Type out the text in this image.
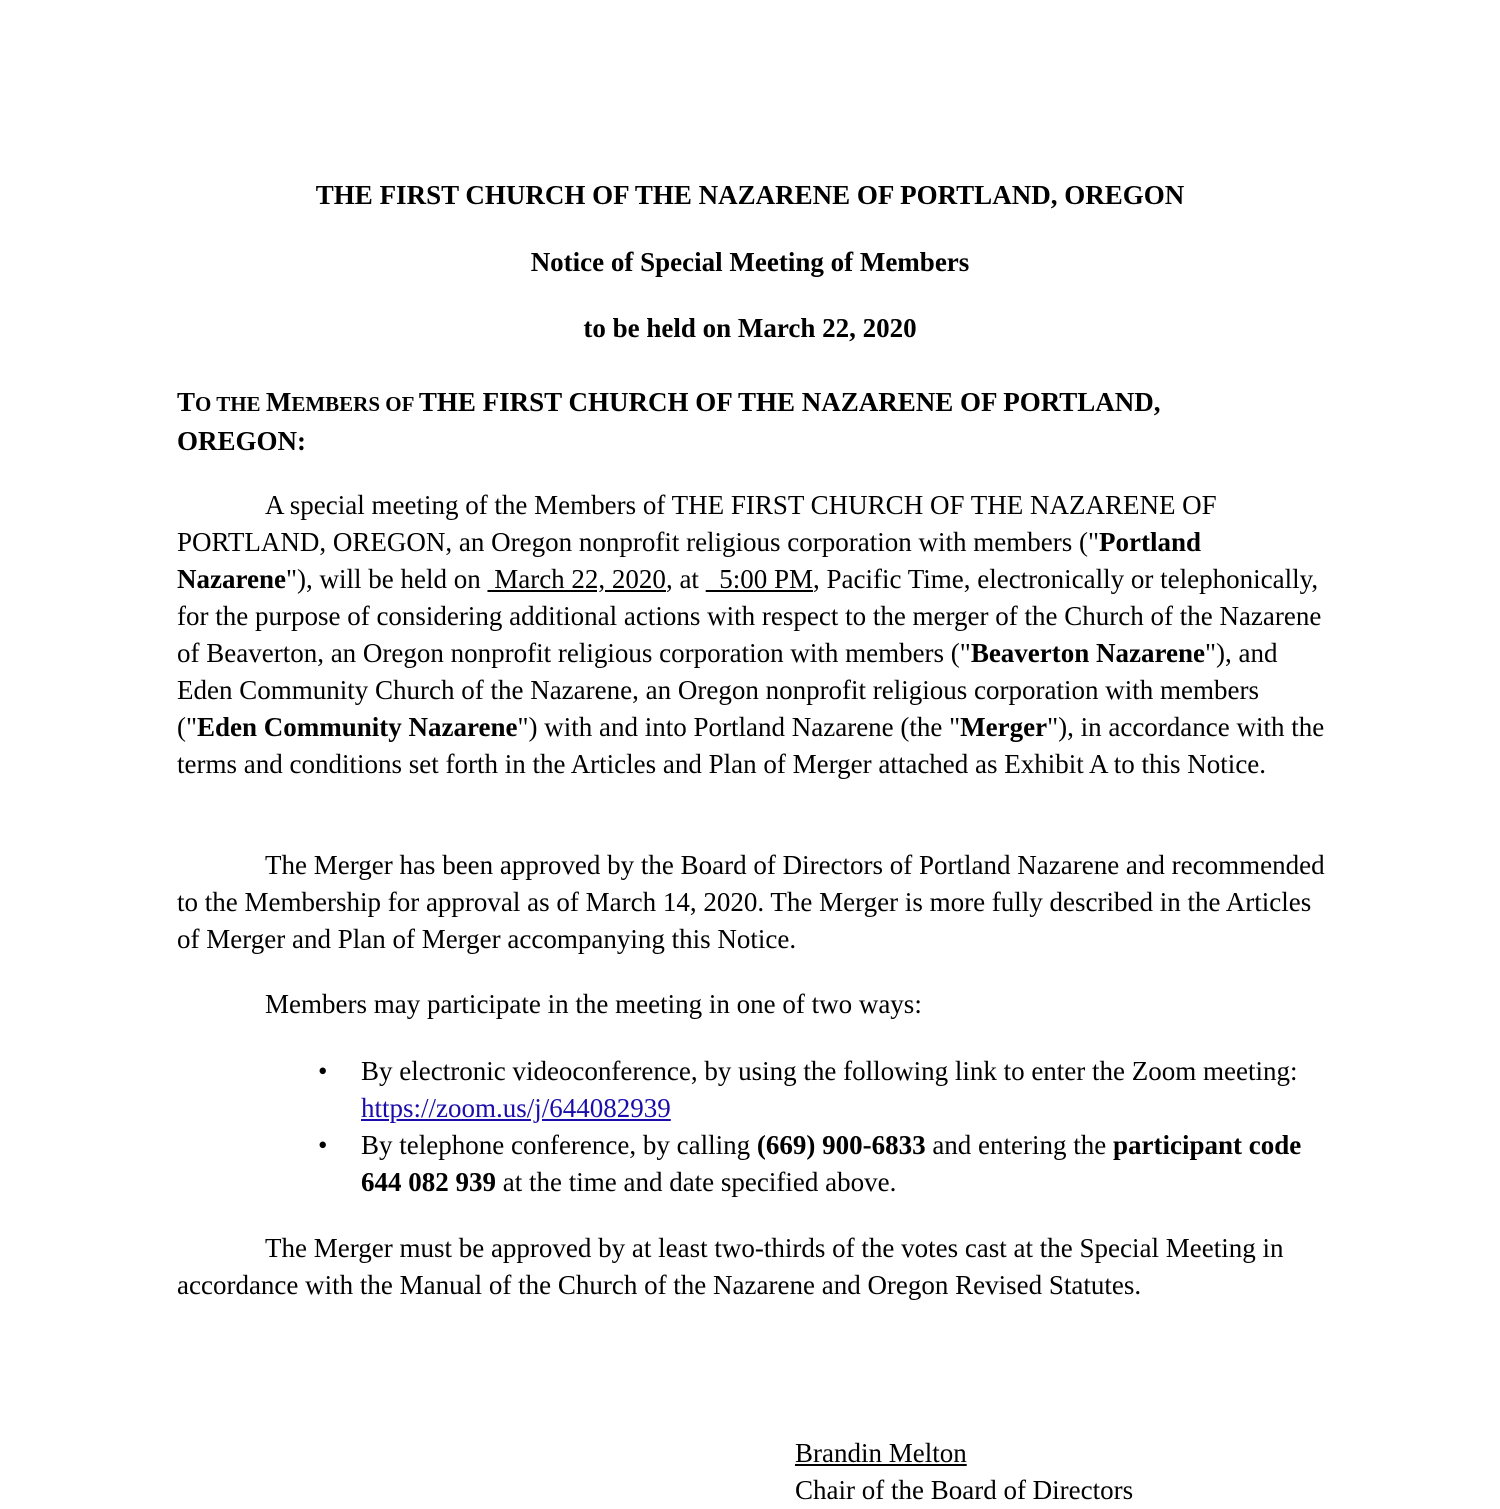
THE FIRST CHURCH OF THE NAZARENE OF PORTLAND, OREGON
Notice of Special Meeting of Members
to be held on March 22, 2020
TO THE MEMBERS OF THE FIRST CHURCH OF THE NAZARENE OF PORTLAND,
OREGON:
A special meeting of the Members of THE FIRST CHURCH OF THE NAZARENE OF PORTLAND, OREGON, an Oregon nonprofit religious corporation with members ("Portland Nazarene"), will be held on  March 22, 2020, at   5:00 PM, Pacific Time, electronically or telephonically, for the purpose of considering additional actions with respect to the merger of the Church of the Nazarene of Beaverton, an Oregon nonprofit religious corporation with members ("Beaverton Nazarene"), and Eden Community Church of the Nazarene, an Oregon nonprofit religious corporation with members ("Eden Community Nazarene") with and into Portland Nazarene (the "Merger"), in accordance with the terms and conditions set forth in the Articles and Plan of Merger attached as Exhibit A to this Notice.
The Merger has been approved by the Board of Directors of Portland Nazarene and recommended to the Membership for approval as of March 14, 2020. The Merger is more fully described in the Articles of Merger and Plan of Merger accompanying this Notice.
Members may participate in the meeting in one of two ways:
• By electronic videoconference, by using the following link to enter the Zoom meeting: https://zoom.us/j/644082939
• By telephone conference, by calling (669) 900-6833 and entering the participant code 644 082 939 at the time and date specified above.
The Merger must be approved by at least two-thirds of the votes cast at the Special Meeting in accordance with the Manual of the Church of the Nazarene and Oregon Revised Statutes.
Brandin Melton
Chair of the Board of Directors
